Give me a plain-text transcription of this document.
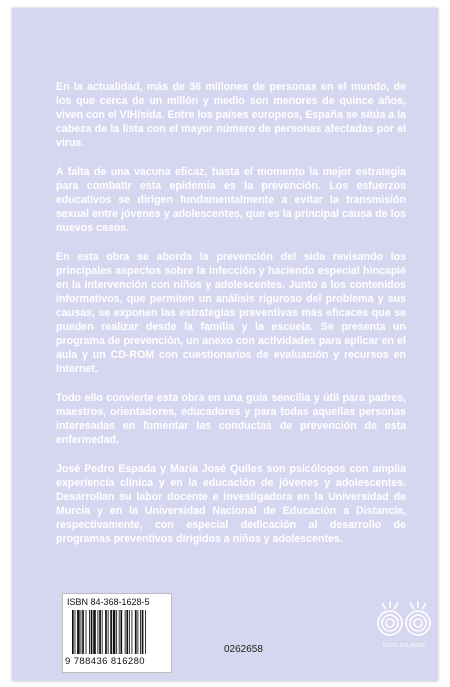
En la actualidad, más de 36 millones de personas en el mundo, de los que cerca de un millón y medio son menores de quince años, viven con el VIH/sida. Entre los países europeos, España se sitúa a la cabeza de la lista con el mayor número de personas afectadas por el virus.

A falta de una vacuna eficaz, hasta el momento la mejor estrategia para combatir esta epidemia es la prevención. Los esfuerzos educativos se dirigen fundamentalmente a evitar la transmisión sexual entre jóvenes y adolescentes, que es la principal causa de los nuevos casos.

En esta obra se aborda la prevención del sida revisando los principales aspectos sobre la infección y haciendo especial hincapié en la intervención con niños y adolescentes. Junto a los contenidos informativos, que permiten un análisis riguroso del problema y sus causas, se exponen las estrategias preventivas más eficaces que se pueden realizar desde la familia y la escuela. Se presenta un programa de prevención, un anexo con actividades para aplicar en el aula y un CD-ROM con cuestionarios de evaluación y recursos en Internet.

Todo ello convierte esta obra en una guía sencilla y útil para padres, maestros, orientadores, educadores y para todas aquellas personas interesadas en fomentar las conductas de prevención de esta enfermedad.

José Pedro Espada y María José Quiles son psicólogos con amplia experiencia clínica y en la educación de jóvenes y adolescentes. Desarrollan su labor docente e investigadora en la Universidad de Murcia y en la Universidad Nacional de Educación a Distancia, respectivamente, con especial dedicación al desarrollo de programas preventivos dirigidos a niños y adolescentes.

ISBN 84-368-1628-5
9 788436 816280
0262658	OJOS SOLARES
